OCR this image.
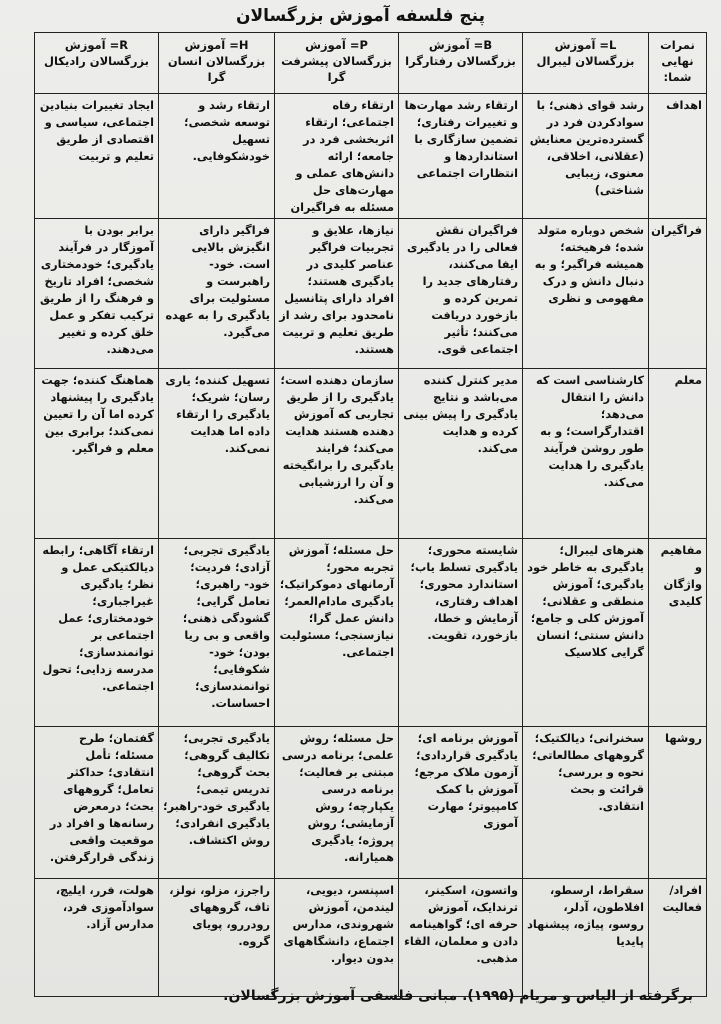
پنج فلسفه آموزش بزرگسالان
نمرات نهایی شما:	L= آموزش بزرگسالان لیبرال	B= آموزش بزرگسالان رفتارگرا	P= آموزش بزرگسالان پیشرفت گرا	H= آموزش بزرگسالان انسان گرا	R= آموزش بزرگسالان رادیکال
اهداف	رشد قوای ذهنی؛ با سوادکردن فرد در گسترده‌ترین معنایش (عقلانی، اخلاقی، معنوی، زیبایی شناختی)	ارتقاء رشد مهارت‌ها و تغییرات رفتاری؛ تضمین سازگاری با استانداردها و انتظارات اجتماعی	ارتقاء رفاه اجتماعی؛ ارتقاء اثربخشی فرد در جامعه؛ ارائه دانش‌های عملی و مهارت‌های حل مسئله به فراگیران	ارتقاء رشد و توسعه شخصی؛ تسهیل خودشکوفایی.	ایجاد تغییرات بنیادین اجتماعی، سیاسی و اقتصادی از طریق تعلیم و تربیت
فراگیران	شخص دوباره متولد شده؛ فرهیخته؛ همیشه فراگیر؛ و به دنبال دانش و درک مفهومی و نظری	فراگیران نقش فعالی را در یادگیری ایفا می‌کنند، رفتارهای جدید را تمرین کرده و بازخورد دریافت می‌کنند؛ تأثیر اجتماعی قوی.	نیازها، علایق و تجربیات فراگیر عناصر کلیدی در یادگیری هستند؛ افراد دارای پتانسیل نامحدود برای رشد از طریق تعلیم و تربیت هستند.	فراگیر دارای انگیزش بالایی است. خود-راهبرست و مسئولیت برای یادگیری را به عهده می‌گیرد.	برابر بودن با آموزگار در فرآیند یادگیری؛ خودمختاری شخصی؛ افراد تاریخ و فرهنگ را از طریق ترکیب تفکر و عمل خلق کرده و تغییر می‌دهند.
معلم	کارشناسی است که دانش را انتقال می‌دهد؛ اقتدارگراست؛ و به طور روشن فرآیند یادگیری را هدایت می‌کند.	مدیر کنترل کننده می‌باشد و نتایج یادگیری را پیش بینی کرده و هدایت می‌کند.	سازمان دهنده است؛ یادگیری را از طریق تجاربی که آموزش دهنده هستند هدایت می‌کند؛ فرایند یادگیری را برانگیخته و آن را ارزشیابی می‌کند.	تسهیل کننده؛ یاری رسان؛ شریک؛ یادگیری را ارتقاء داده اما هدایت نمی‌کند.	هماهنگ کننده؛ جهت یادگیری را پیشنهاد کرده اما آن را تعیین نمی‌کند؛ برابری بین معلم و فراگیر.
مفاهیم و واژگان کلیدی	هنرهای لیبرال؛ یادگیری به خاطر خود یادگیری؛ آموزش منطقی و عقلانی؛ آموزش کلی و جامع؛ دانش سنتی؛ انسان گرایی کلاسیک	شایسته محوری؛ یادگیری تسلط یاب؛ استاندارد محوری؛ اهداف رفتاری، آزمایش و خطا، بازخورد، تقویت.	حل مسئله؛ آموزش تجربه محور؛ آرمانهای دموکراتیک؛ یادگیری مادام‌العمر؛ دانش عمل گرا؛ نیازسنجی؛ مسئولیت اجتماعی.	یادگیری تجربی؛ آزادی؛ فردیت؛ خود- راهبری؛ تعامل گرایی؛ گشودگی ذهنی؛ واقعی و بی ریا بودن؛ خود-شکوفایی؛ توانمندسازی؛ احساسات.	ارتقاء آگاهی؛ رابطه دیالکتیکی عمل و نظر؛ یادگیری غیراجباری؛ خودمختاری؛ عمل اجتماعی بر توانمندسازی؛ مدرسه زدایی؛ تحول اجتماعی.
روشها	سخنرانی؛ دیالکتیک؛ گروههای مطالعاتی؛ نحوه و بررسی؛ قرائت و بحث انتقادی.	آموزش برنامه ای؛ یادگیری قراردادی؛ آزمون ملاک مرجع؛ آموزش با کمک کامپیوتر؛ مهارت آموزی	حل مسئله؛ روش علمی؛ برنامه درسی مبتنی بر فعالیت؛ برنامه درسی یکپارچه؛ روش آزمایشی؛ روش پروژه؛ یادگیری همیارانه.	یادگیری تجربی؛ تکالیف گروهی؛ بحث گروهی؛ تدریس تیمی؛ یادگیری خود-راهبر؛ یادگیری انفرادی؛ روش اکتشاف.	گفتمان؛ طرح مسئله؛ تأمل انتقادی؛ حداکثر تعامل؛ گروههای بحث؛ درمعرض رسانه‌ها و افراد در موقعیت واقعی زندگی قرارگرفتن.
افراد/ فعالیت	سقراط، ارسطو، افلاطون، آدلر، روسو، پیاژه، پیشنهاد پایدیا	واتسون، اسکینر، ترندایک، آموزش حرفه ای؛ گواهینامه دادن و معلمان، القاء مذهبی.	اسپنسر، دیویی، لیندمن، آموزش شهروندی، مدارس اجتماع، دانشگاههای بدون دیوار.	راجرز، مزلو، نولز، تاف، گروههای رودررو، پویای گروه.	هولت، فرر، ایلیچ، سوادآموزی فرد، مدارس آزاد.
برگرفته از الیاس و مریام (۱۹۹۵). مبانی فلسفی آموزش بزرگسالان.
